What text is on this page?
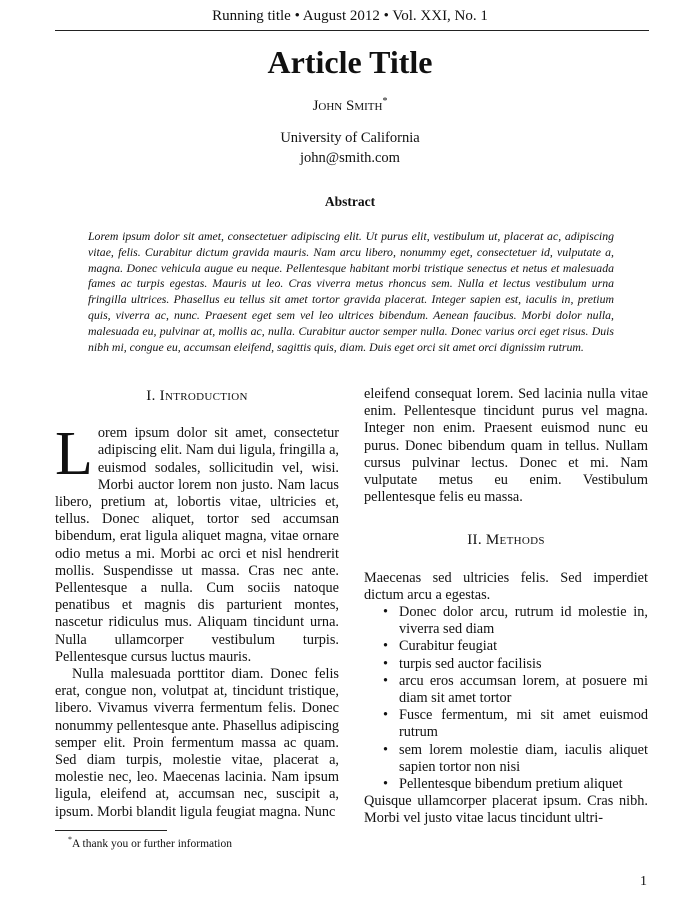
Running title • August 2012 • Vol. XXI, No. 1
Article Title
John Smith*
University of California
john@smith.com
Abstract
Lorem ipsum dolor sit amet, consectetuer adipiscing elit. Ut purus elit, vestibulum ut, placerat ac, adipiscing vitae, felis. Curabitur dictum gravida mauris. Nam arcu libero, nonummy eget, consectetuer id, vulputate a, magna. Donec vehicula augue eu neque. Pellentesque habitant morbi tristique senectus et netus et malesuada fames ac turpis egestas. Mauris ut leo. Cras viverra metus rhoncus sem. Nulla et lectus vestibulum urna fringilla ultrices. Phasellus eu tellus sit amet tortor gravida placerat. Integer sapien est, iaculis in, pretium quis, viverra ac, nunc. Praesent eget sem vel leo ultrices bibendum. Aenean faucibus. Morbi dolor nulla, malesuada eu, pulvinar at, mollis ac, nulla. Curabitur auctor semper nulla. Donec varius orci eget risus. Duis nibh mi, congue eu, accumsan eleifend, sagittis quis, diam. Duis eget orci sit amet orci dignissim rutrum.
I. Introduction

Lorem ipsum dolor sit amet, consectetur adipiscing elit. Nam dui ligula, fringilla a, euismod sodales, sollicitudin vel, wisi. Morbi auctor lorem non justo. Nam lacus libero, pretium at, lobortis vitae, ultricies et, tellus. Donec aliquet, tortor sed accumsan bibendum, erat ligula aliquet magna, vitae ornare odio metus a mi. Morbi ac orci et nisl hendrerit mollis. Suspendisse ut massa. Cras nec ante. Pellentesque a nulla. Cum sociis natoque penatibus et magnis dis parturient montes, nascetur ridiculus mus. Aliquam tincidunt urna. Nulla ullamcorper vestibulum turpis. Pellentesque cursus luctus mauris.

Nulla malesuada porttitor diam. Donec felis erat, congue non, volutpat at, tincidunt tristique, libero. Vivamus viverra fermentum felis. Donec nonummy pellentesque ante. Phasellus adipiscing semper elit. Proin fermentum massa ac quam. Sed diam turpis, molestie vitae, placerat a, molestie nec, leo. Maecenas lacinia. Nam ipsum ligula, eleifend at, accumsan nec, suscipit a, ipsum. Morbi blandit ligula feugiat magna. Nunc

eleifend consequat lorem. Sed lacinia nulla vitae enim. Pellentesque tincidunt purus vel magna. Integer non enim. Praesent euismod nunc eu purus. Donec bibendum quam in tellus. Nullam cursus pulvinar lectus. Donec et mi. Nam vulputate metus eu enim. Vestibulum pellentesque felis eu massa.

II. Methods

Maecenas sed ultricies felis. Sed imperdiet dictum arcu a egestas.

• Donec dolor arcu, rutrum id molestie in, viverra sed diam
• Curabitur feugiat
• turpis sed auctor facilisis
• arcu eros accumsan lorem, at posuere mi diam sit amet tortor
• Fusce fermentum, mi sit amet euismod rutrum
• sem lorem molestie diam, iaculis aliquet sapien tortor non nisi
• Pellentesque bibendum pretium aliquet

Quisque ullamcorper placerat ipsum. Cras nibh. Morbi vel justo vitae lacus tincidunt ultri-

*A thank you or further information
1
